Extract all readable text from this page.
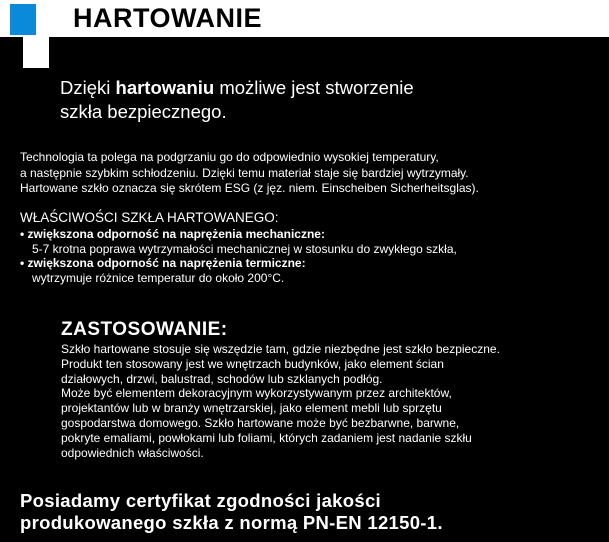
HARTOWANIE
Dzięki hartowaniu możliwe jest stworzenie
szkła bezpiecznego.
Technologia ta polega na podgrzaniu go do odpowiednio wysokiej temperatury,
a następnie szybkim schłodzeniu. Dzięki temu materiał staje się bardziej wytrzymały.
Hartowane szkło oznacza się skrótem ESG (z jęz. niem. Einscheiben Sicherheitsglas).
WŁAŚCIWOŚCI SZKŁA HARTOWANEGO:
• zwiększona odporność na naprężenia mechaniczne:
5-7 krotna poprawa wytrzymałości mechanicznej w stosunku do zwykłego szkła,
• zwiększona odporność na naprężenia termiczne:
wytrzymuje różnice temperatur do około 200°C.
ZASTOSOWANIE:
Szkło hartowane stosuje się wszędzie tam, gdzie niezbędne jest szkło bezpieczne.
Produkt ten stosowany jest we wnętrzach budynków, jako element ścian
działowych, drzwi, balustrad, schodów lub szklanych podłóg.
Może być elementem dekoracyjnym wykorzystywanym przez architektów,
projektantów lub w branży wnętrzarskiej, jako element mebli lub sprzętu
gospodarstwa domowego. Szkło hartowane może być bezbarwne, barwne,
pokryte emaliami, powłokami lub foliami, których zadaniem jest nadanie szkłu
odpowiednich właściwości.
Posiadamy certyfikat zgodności jakości
produkowanego szkła z normą PN-EN 12150-1.
